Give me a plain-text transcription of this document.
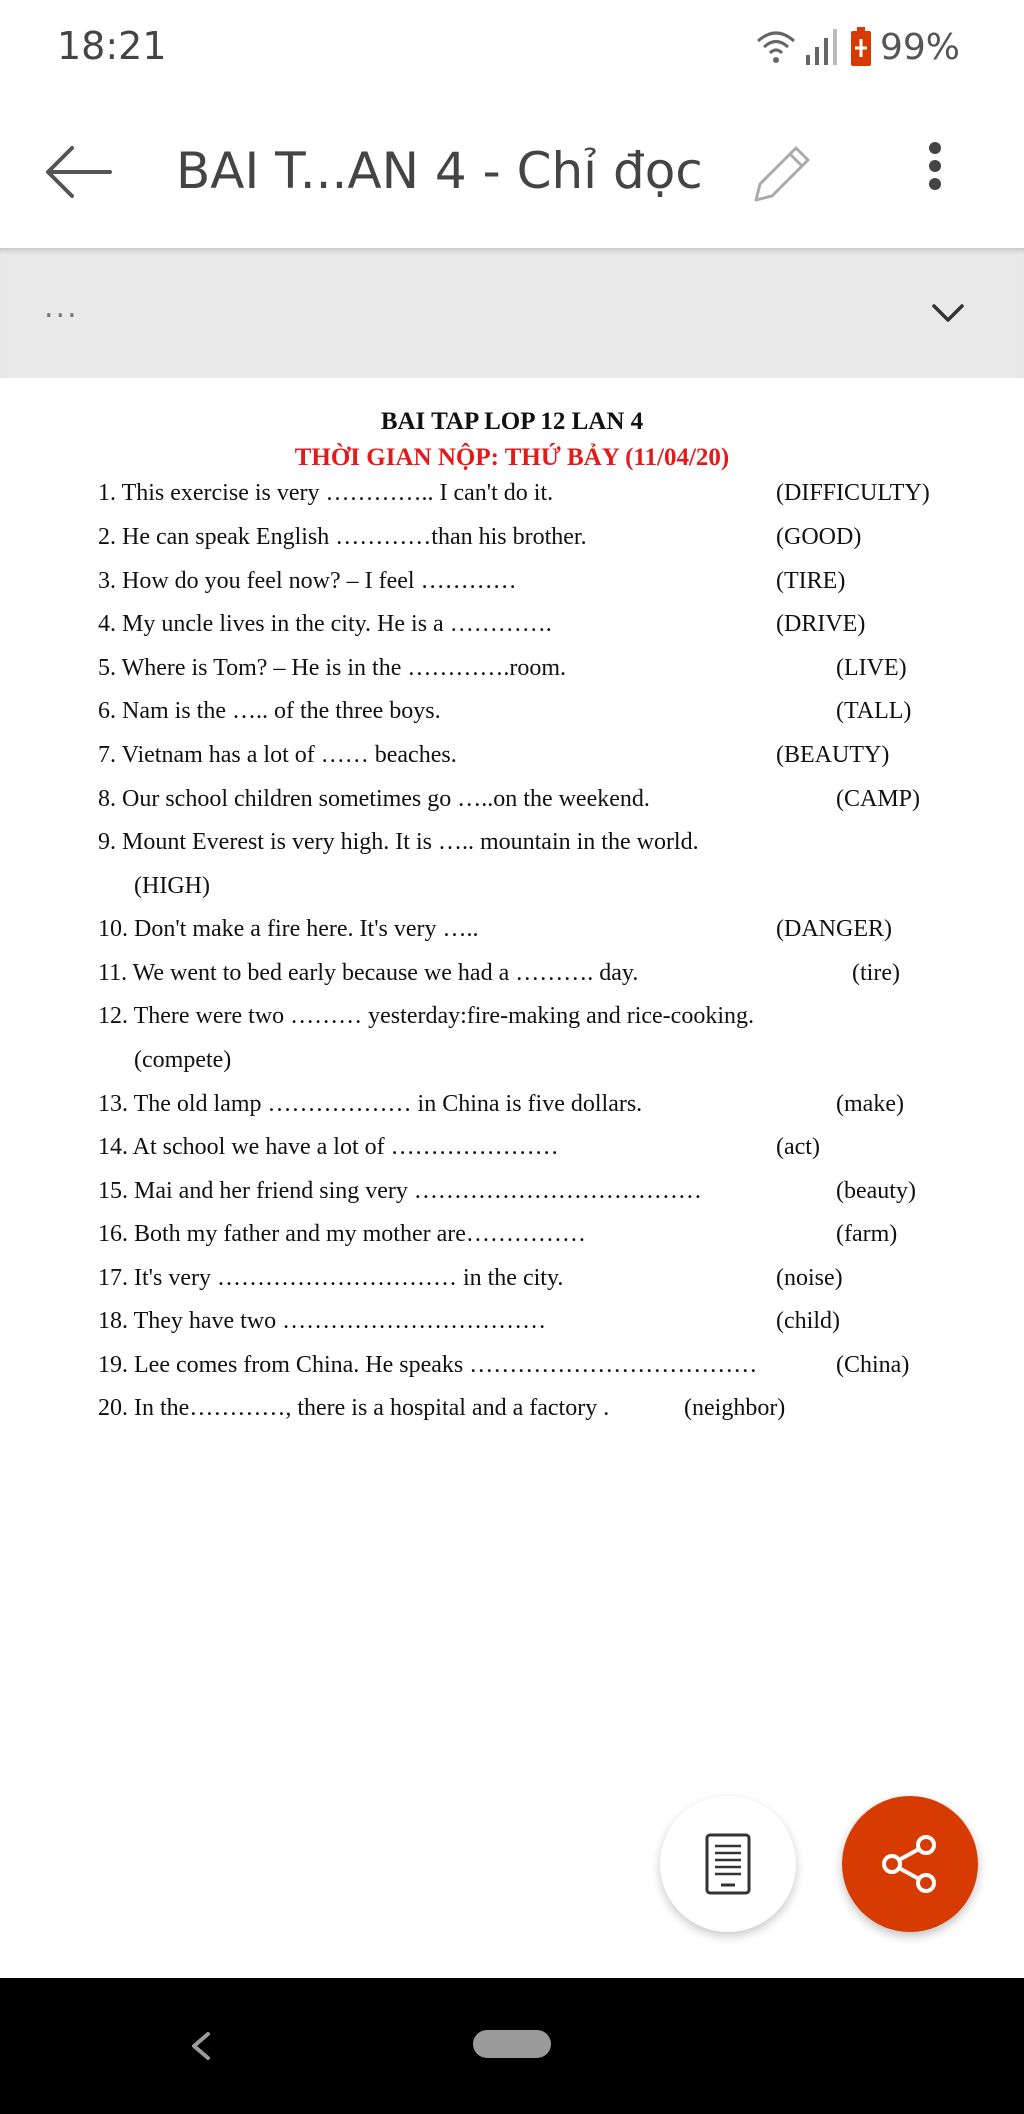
18:21	99%
BAI T...AN 4 - Chỉ đọc
...
BAI TAP LOP 12 LAN 4
THỜI GIAN NỘP: THỨ BẢY (11/04/20)
1. This exercise is very ………….. I can't do it.	(DIFFICULTY)
2. He can speak English …………than his brother.	(GOOD)
3. How do you feel now? – I feel …………	(TIRE)
4. My uncle lives in the city. He is a ………….	(DRIVE)
5. Where is Tom? – He is in the ………….room.	(LIVE)
6. Nam is the ….. of the three boys.	(TALL)
7. Vietnam has a lot of …… beaches.	(BEAUTY)
8. Our school children sometimes go …..on the weekend.	(CAMP)
9. Mount Everest is very high. It is ….. mountain in the world.
(HIGH)
10. Don't make a fire here. It's very …..	(DANGER)
11. We went to bed early because we had a ………. day.	(tire)
12. There were two ……… yesterday:fire-making and rice-cooking.
(compete)
13. The old lamp ……………… in China is five dollars.	(make)
14. At school we have a lot of …………………	(act)
15. Mai and her friend sing very ………………………………	(beauty)
16. Both my father and my mother are……………	(farm)
17. It's very ………………………… in the city.	(noise)
18. They have two ……………………………	(child)
19. Lee comes from China. He speaks ………………………………	(China)
20. In the…………, there is a hospital and a factory .	(neighbor)
